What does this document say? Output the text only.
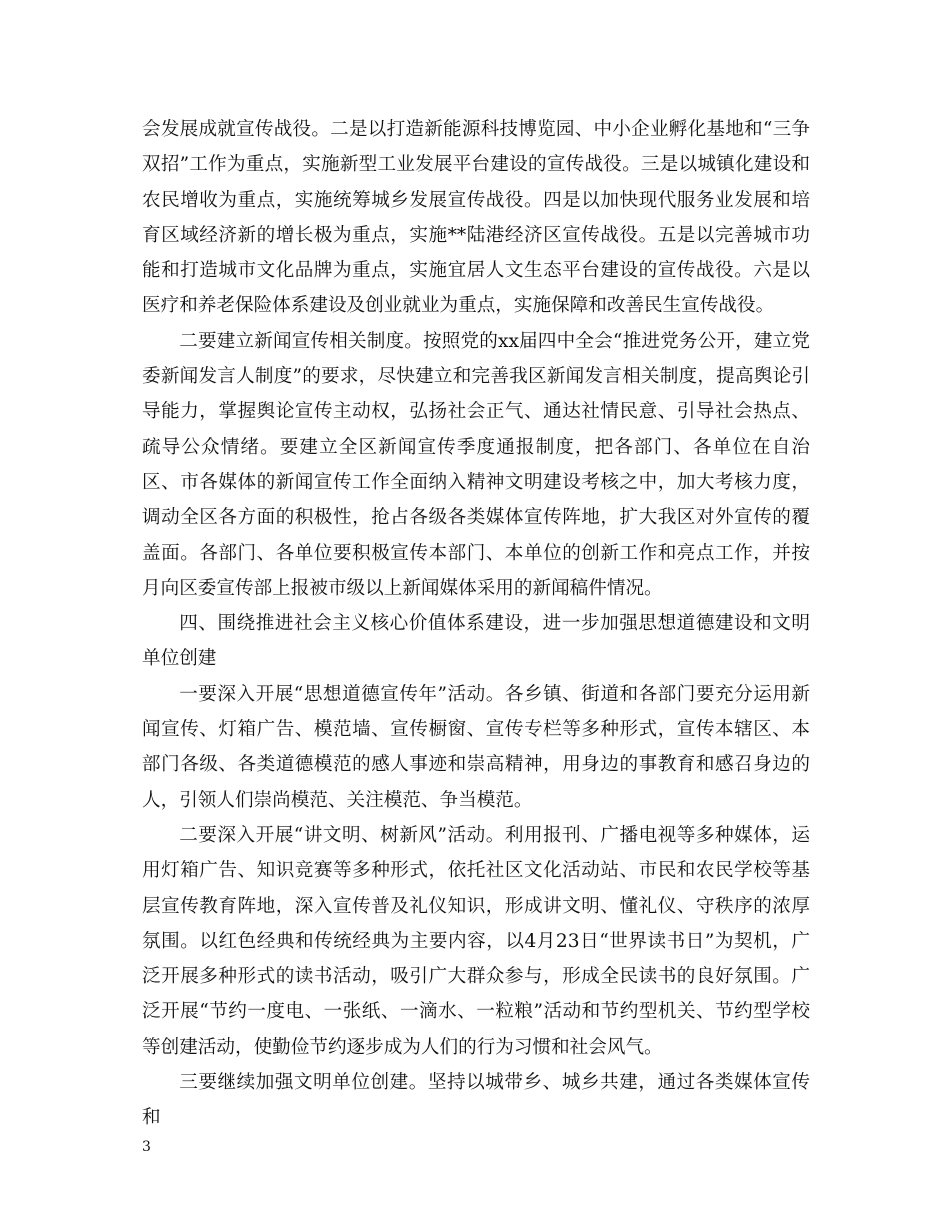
会发展成就宣传战役。二是以打造新能源科技博览园、中小企业孵化基地和“三争双招”工作为重点，实施新型工业发展平台建设的宣传战役。三是以城镇化建设和农民增收为重点，实施统筹城乡发展宣传战役。四是以加快现代服务业发展和培育区域经济新的增长极为重点，实施**陆港经济区宣传战役。五是以完善城市功能和打造城市文化品牌为重点，实施宜居人文生态平台建设的宣传战役。六是以医疗和养老保险体系建设及创业就业为重点，实施保障和改善民生宣传战役。

二要建立新闻宣传相关制度。按照党的xx届四中全会“推进党务公开，建立党委新闻发言人制度”的要求，尽快建立和完善我区新闻发言相关制度，提高舆论引导能力，掌握舆论宣传主动权，弘扬社会正气、通达社情民意、引导社会热点、疏导公众情绪。要建立全区新闻宣传季度通报制度，把各部门、各单位在自治区、市各媒体的新闻宣传工作全面纳入精神文明建设考核之中，加大考核力度，调动全区各方面的积极性，抢占各级各类媒体宣传阵地，扩大我区对外宣传的覆盖面。各部门、各单位要积极宣传本部门、本单位的创新工作和亮点工作，并按月向区委宣传部上报被市级以上新闻媒体采用的新闻稿件情况。

四、围绕推进社会主义核心价值体系建设，进一步加强思想道德建设和文明单位创建

一要深入开展“思想道德宣传年”活动。各乡镇、街道和各部门要充分运用新闻宣传、灯箱广告、模范墙、宣传橱窗、宣传专栏等多种形式，宣传本辖区、本部门各级、各类道德模范的感人事迹和崇高精神，用身边的事教育和感召身边的人，引领人们崇尚模范、关注模范、争当模范。

二要深入开展“讲文明、树新风”活动。利用报刊、广播电视等多种媒体，运用灯箱广告、知识竞赛等多种形式，依托社区文化活动站、市民和农民学校等基层宣传教育阵地，深入宣传普及礼仪知识，形成讲文明、懂礼仪、守秩序的浓厚氛围。以红色经典和传统经典为主要内容，以4月23日“世界读书日”为契机，广泛开展多种形式的读书活动，吸引广大群众参与，形成全民读书的良好氛围。广泛开展“节约一度电、一张纸、一滴水、一粒粮”活动和节约型机关、节约型学校等创建活动，使勤俭节约逐步成为人们的行为习惯和社会风气。

三要继续加强文明单位创建。坚持以城带乡、城乡共建，通过各类媒体宣传和

3
